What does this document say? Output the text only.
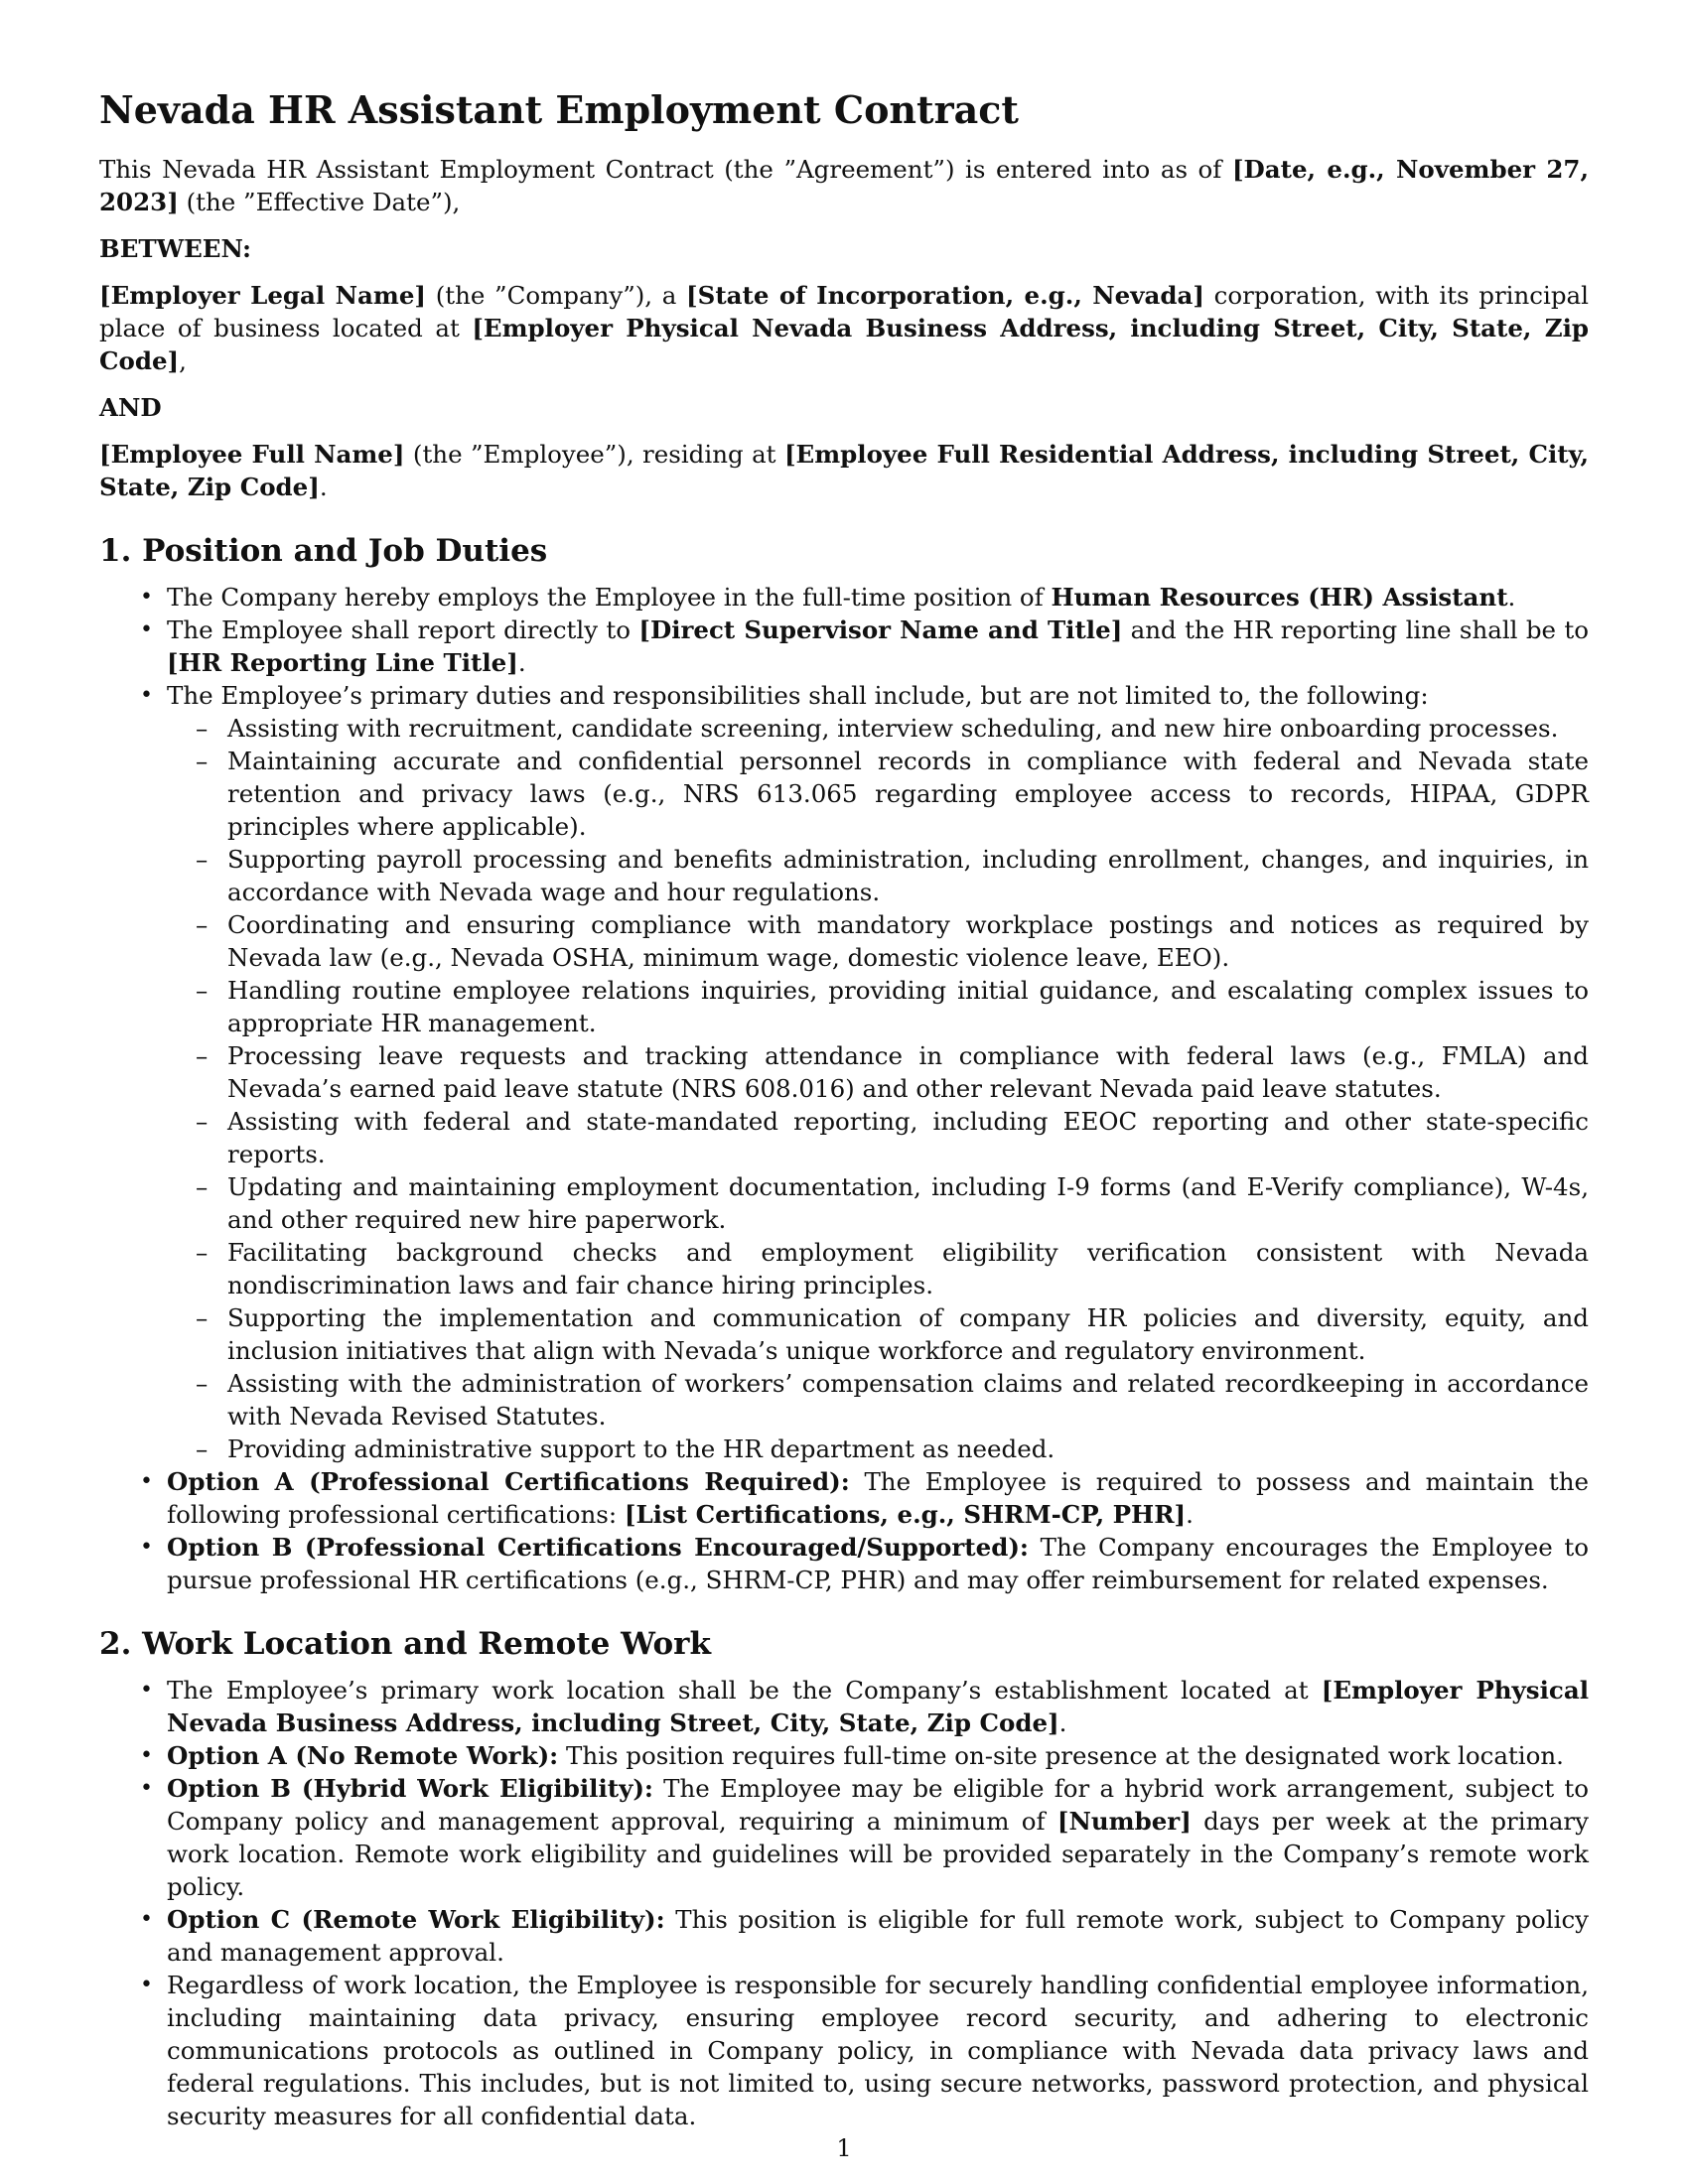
Nevada HR Assistant Employment Contract

This Nevada HR Assistant Employment Contract (the ”Agreement”) is entered into as of [Date, e.g., November 27, 2023] (the ”Effective Date”),

BETWEEN:

[Employer Legal Name] (the ”Company”), a [State of Incorporation, e.g., Nevada] corporation, with its principal place of business located at [Employer Physical Nevada Business Address, including Street, City, State, Zip Code],

AND

[Employee Full Name] (the ”Employee”), residing at [Employee Full Residential Address, including Street, City, State, Zip Code].

1. Position and Job Duties
• The Company hereby employs the Employee in the full-time position of Human Resources (HR) Assistant.
• The Employee shall report directly to [Direct Supervisor Name and Title] and the HR reporting line shall be to [HR Reporting Line Title].
• The Employee’s primary duties and responsibilities shall include, but are not limited to, the following:
– Assisting with recruitment, candidate screening, interview scheduling, and new hire onboarding processes.
– Maintaining accurate and confidential personnel records in compliance with federal and Nevada state retention and privacy laws (e.g., NRS 613.065 regarding employee access to records, HIPAA, GDPR principles where applicable).
– Supporting payroll processing and benefits administration, including enrollment, changes, and inquiries, in accordance with Nevada wage and hour regulations.
– Coordinating and ensuring compliance with mandatory workplace postings and notices as required by Nevada law (e.g., Nevada OSHA, minimum wage, domestic violence leave, EEO).
– Handling routine employee relations inquiries, providing initial guidance, and escalating complex issues to appropriate HR management.
– Processing leave requests and tracking attendance in compliance with federal laws (e.g., FMLA) and Nevada’s earned paid leave statute (NRS 608.016) and other relevant Nevada paid leave statutes.
– Assisting with federal and state-mandated reporting, including EEOC reporting and other state-specific reports.
– Updating and maintaining employment documentation, including I-9 forms (and E-Verify compliance), W-4s, and other required new hire paperwork.
– Facilitating background checks and employment eligibility verification consistent with Nevada nondiscrimination laws and fair chance hiring principles.
– Supporting the implementation and communication of company HR policies and diversity, equity, and inclusion initiatives that align with Nevada’s unique workforce and regulatory environment.
– Assisting with the administration of workers’ compensation claims and related recordkeeping in accordance with Nevada Revised Statutes.
– Providing administrative support to the HR department as needed.
• Option A (Professional Certifications Required): The Employee is required to possess and maintain the following professional certifications: [List Certifications, e.g., SHRM-CP, PHR].
• Option B (Professional Certifications Encouraged/Supported): The Company encourages the Employee to pursue professional HR certifications (e.g., SHRM-CP, PHR) and may offer reimbursement for related expenses.
2. Work Location and Remote Work
• The Employee’s primary work location shall be the Company’s establishment located at [Employer Physical Nevada Business Address, including Street, City, State, Zip Code].
• Option A (No Remote Work): This position requires full-time on-site presence at the designated work location.
• Option B (Hybrid Work Eligibility): The Employee may be eligible for a hybrid work arrangement, subject to Company policy and management approval, requiring a minimum of [Number] days per week at the primary work location. Remote work eligibility and guidelines will be provided separately in the Company’s remote work policy.
• Option C (Remote Work Eligibility): This position is eligible for full remote work, subject to Company policy and management approval.
• Regardless of work location, the Employee is responsible for securely handling confidential employee information, including maintaining data privacy, ensuring employee record security, and adhering to electronic communications protocols as outlined in Company policy, in compliance with Nevada data privacy laws and federal regulations. This includes, but is not limited to, using secure networks, password protection, and physical security measures for all confidential data.
1
